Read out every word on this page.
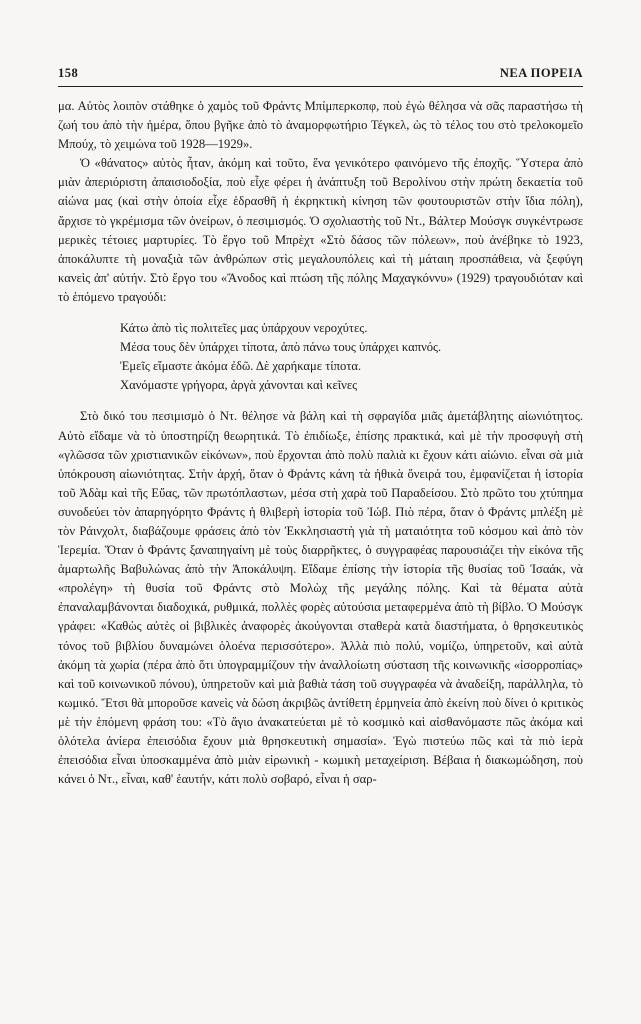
158	ΝΕΑ ΠΟΡΕΙΑ

μα. Αὐτὸς λοιπὸν στάθηκε ὁ χαμὸς τοῦ Φράντς Μπίμπερκοπφ, ποὺ ἐγὼ θέλησα νὰ σᾶς παραστήσω τὴ ζωή του ἀπὸ τὴν ἡμέρα, ὅπου βγῆκε ἀπὸ τὸ ἀναμορφωτήριο Τέγκελ, ὡς τὸ τέλος του στὸ τρελοκομεῖο Μπούχ, τὸ χειμώνα τοῦ 1928—1929».

Ὁ «θάνατος» αὐτὸς ἦταν, ἀκόμη καὶ τοῦτο, ἕνα γενικότερο φαινόμενο τῆς ἐποχῆς. Ὕστερα ἀπὸ μιὰν ἀπεριόριστη ἀπαισιοδοξία, ποὺ εἶχε φέρει ἡ ἀνάπτυξη τοῦ Βερολίνου στὴν πρώτη δεκαετία τοῦ αἰώνα μας (καὶ στὴν ὁποία εἶχε ἑδρασθῆ ἡ ἐκρηκτικὴ κίνηση τῶν φουτουριστῶν στὴν ἴδια πόλη), ἄρχισε τὸ γκρέμισμα τῶν ὀνείρων, ὁ πεσιμισμός. Ὁ σχολιαστὴς τοῦ Ντ., Βάλτερ Μούσγκ συγκέντρωσε μερικὲς τέτοιες μαρτυρίες. Τὸ ἔργο τοῦ Μπρὲχτ «Στὸ δάσος τῶν πόλεων», ποὺ ἀνέβηκε τὸ 1923, ἀποκάλυπτε τὴ μοναξιὰ τῶν ἀνθρώπων στὶς μεγαλουπόλεις καὶ τὴ μάταιη προσπάθεια, νὰ ξεφύγη κανεὶς ἀπ' αὐτήν. Στὸ ἔργο του «Ἄνοδος καὶ πτώση τῆς πόλης Μαχαγκόννυ» (1929) τραγουδιόταν καὶ τὸ ἑπόμενο τραγούδι:

Κάτω ἀπὸ τὶς πολιτεῖες μας ὑπάρχουν νεροχύτες.
Μέσα τους δὲν ὑπάρχει τίποτα, ἀπὸ πάνω τους ὑπάρχει καπνός.
Ἐμεῖς εἴμαστε ἀκόμα ἐδῶ. Δὲ χαρήκαμε τίποτα.
Χανόμαστε γρήγορα, ἀργὰ χάνονται καὶ κεῖνες

Στὸ δικό του πεσιμισμὸ ὁ Ντ. θέλησε νὰ βάλη καὶ τὴ σφραγίδα μιᾶς ἀμετάβλητης αἰωνιότητος. Αὐτὸ εἴδαμε νὰ τὸ ὑποστηρίζη θεωρητικά. Τὸ ἐπιδίωξε, ἐπίσης πρακτικά, καὶ μὲ τὴν προσφυγὴ στὴ «γλῶσσα τῶν χριστιανικῶν εἰκόνων», ποὺ ἔρχονται ἀπὸ πολὺ παλιὰ κι ἔχουν κάτι αἰώνιο. εἶναι σὰ μιὰ ὑπόκρουση αἰωνιότητας. Στὴν ἀρχή, ὅταν ὁ Φράντς κάνη τὰ ἠθικὰ ὄνειρά του, ἐμφανίζεται ἡ ἱστορία τοῦ Ἀδὰμ καὶ τῆς Εὔας, τῶν πρωτόπλαστων, μέσα στὴ χαρὰ τοῦ Παραδείσου. Στὸ πρῶτο του χτύπημα συνοδεύει τὸν ἀπαρηγόρητο Φράντς ἡ θλιβερὴ ἱστορία τοῦ Ἰώβ. Πιὸ πέρα, ὅταν ὁ Φράντς μπλέξη μὲ τὸν Ράινχολτ, διαβάζουμε φράσεις ἀπὸ τὸν Ἐκκλησιαστὴ γιὰ τὴ ματαιότητα τοῦ κόσμου καὶ ἀπὸ τὸν Ἱερεμία. Ὅταν ὁ Φράντς ξαναπηγαίνη μὲ τοὺς διαρρῆκτες, ὁ συγγραφέας παρουσιάζει τὴν εἰκόνα τῆς ἁμαρτωλῆς Βαβυλώνας ἀπὸ τὴν Ἀποκάλυψη. Εἴδαμε ἐπίσης τὴν ἱστορία τῆς θυσίας τοῦ Ἰσαάκ, νὰ «προλέγη» τὴ θυσία τοῦ Φράντς στὸ Μολὼχ τῆς μεγάλης πόλης. Καὶ τὰ θέματα αὐτὰ ἐπαναλαμβάνονται διαδοχικά, ρυθμικά, πολλὲς φορὲς αὐτούσια μεταφερμένα ἀπὸ τὴ βίβλο. Ὁ Μούσγκ γράφει: «Καθὼς αὐτὲς οἱ βιβλικὲς ἀναφορὲς ἀκούγονται σταθερὰ κατὰ διαστήματα, ὁ θρησκευτικὸς τόνος τοῦ βιβλίου δυναμώνει ὁλοένα περισσότερο». Ἀλλὰ πιὸ πολύ, νομίζω, ὑπηρετοῦν, καὶ αὐτὰ ἀκόμη τὰ χωρία (πέρα ἀπὸ ὅτι ὑπογραμμίζουν τὴν ἀναλλοίωτη σύσταση τῆς κοινωνικῆς «ἰσορροπίας» καὶ τοῦ κοινωνικοῦ πόνου), ὑπηρετοῦν καὶ μιὰ βαθιὰ τάση τοῦ συγγραφέα νὰ ἀναδείξη, παράλληλα, τὸ κωμικό. Ἔτσι θὰ μποροῦσε κανεὶς νὰ δώση ἀκριβῶς ἀντίθετη ἑρμηνεία ἀπὸ ἐκείνη ποὺ δίνει ὁ κριτικὸς μὲ τὴν ἑπόμενη φράση του: «Τὸ ἅγιο ἀνακατεύεται μὲ τὸ κοσμικὸ καὶ αἰσθανόμαστε πῶς ἀκόμα καὶ ὁλότελα ἀνίερα ἐπεισόδια ἔχουν μιὰ θρησκευτικὴ σημασία». Ἐγὼ πιστεύω πῶς καὶ τὰ πιὸ ἱερὰ ἐπεισόδια εἶναι ὑποσκαμμένα ἀπὸ μιὰν εἰρωνικὴ - κωμικὴ μεταχείριση. Βέβαια ἡ διακωμώδηση, ποὺ κάνει ὁ Ντ., εἶναι, καθ' ἑαυτήν, κάτι πολὺ σοβαρό, εἶναι ἡ σαρ-
